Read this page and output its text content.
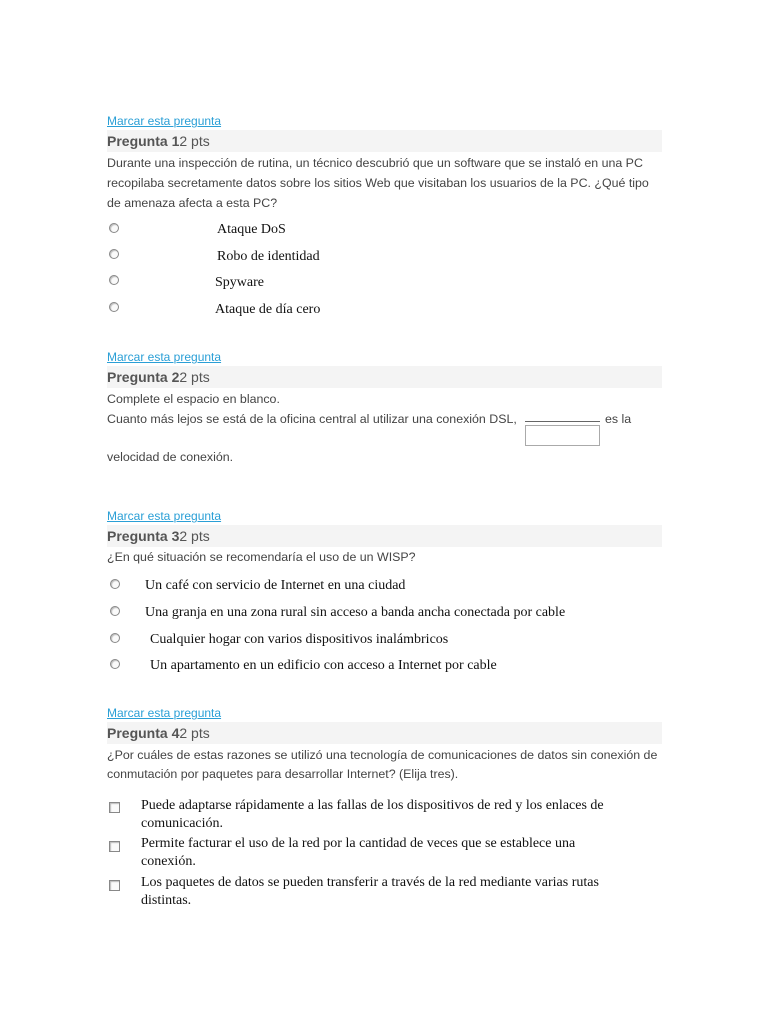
Marcar esta pregunta
Pregunta 12 pts
Durante una inspección de rutina, un técnico descubrió que un software que se instaló en una PC recopilaba secretamente datos sobre los sitios Web que visitaban los usuarios de la PC. ¿Qué tipo de amenaza afecta a esta PC?
Ataque DoS
Robo de identidad
Spyware
Ataque de día cero
Marcar esta pregunta
Pregunta 22 pts
Complete el espacio en blanco.
Cuanto más lejos se está de la oficina central al utilizar una conexión DSL,	es la
velocidad de conexión.
Marcar esta pregunta
Pregunta 32 pts
¿En qué situación se recomendaría el uso de un WISP?
Un café con servicio de Internet en una ciudad
Una granja en una zona rural sin acceso a banda ancha conectada por cable
Cualquier hogar con varios dispositivos inalámbricos
Un apartamento en un edificio con acceso a Internet por cable
Marcar esta pregunta
Pregunta 42 pts
¿Por cuáles de estas razones se utilizó una tecnología de comunicaciones de datos sin conexión de conmutación por paquetes para desarrollar Internet? (Elija tres).
Puede adaptarse rápidamente a las fallas de los dispositivos de red y los enlaces de
comunicación.
Permite facturar el uso de la red por la cantidad de veces que se establece una
conexión.
Los paquetes de datos se pueden transferir a través de la red mediante varias rutas
distintas.
